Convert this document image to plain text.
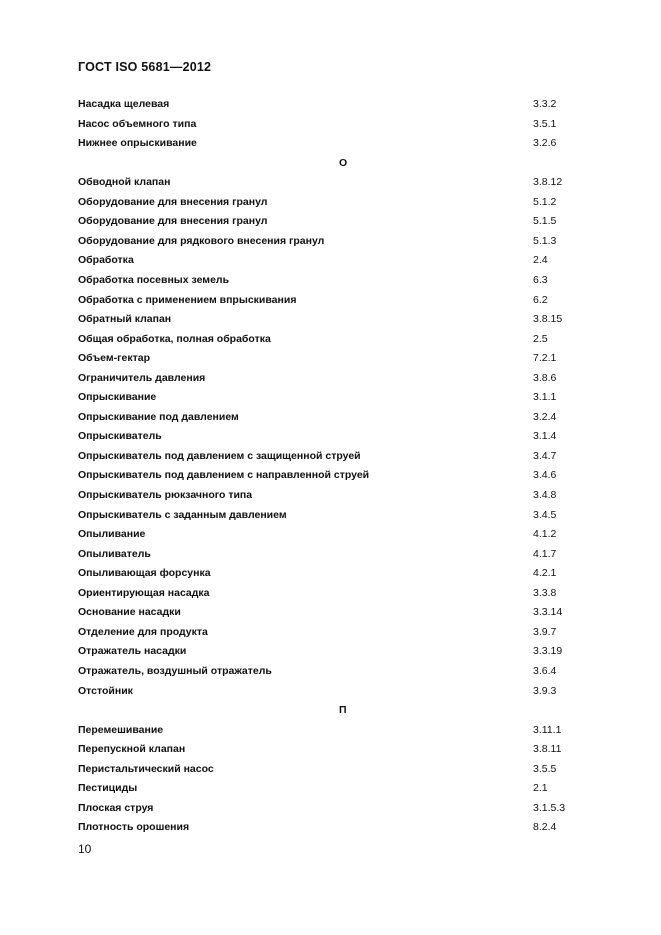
ГОСТ ISO 5681—2012
Насадка щелевая	3.3.2
Насос объемного типа	3.5.1
Нижнее опрыскивание	3.2.6
О
Обводной клапан	3.8.12
Оборудование для внесения гранул	5.1.2
Оборудование для внесения гранул	5.1.5
Оборудование для рядкового внесения гранул	5.1.3
Обработка	2.4
Обработка посевных земель	6.3
Обработка с применением впрыскивания	6.2
Обратный клапан	3.8.15
Общая обработка, полная обработка	2.5
Объем-гектар	7.2.1
Ограничитель давления	3.8.6
Опрыскивание	3.1.1
Опрыскивание под давлением	3.2.4
Опрыскиватель	3.1.4
Опрыскиватель под давлением с защищенной струей	3.4.7
Опрыскиватель под давлением с направленной струей	3.4.6
Опрыскиватель рюкзачного типа	3.4.8
Опрыскиватель с заданным давлением	3.4.5
Опыливание	4.1.2
Опыливатель	4.1.7
Опыливающая форсунка	4.2.1
Ориентирующая насадка	3.3.8
Основание насадки	3.3.14
Отделение для продукта	3.9.7
Отражатель насадки	3.3.19
Отражатель, воздушный отражатель	3.6.4
Отстойник	3.9.3
П
Перемешивание	3.11.1
Перепускной клапан	3.8.11
Перистальтический насос	3.5.5
Пестициды	2.1
Плоская струя	3.1.5.3
Плотность орошения	8.2.4
10
